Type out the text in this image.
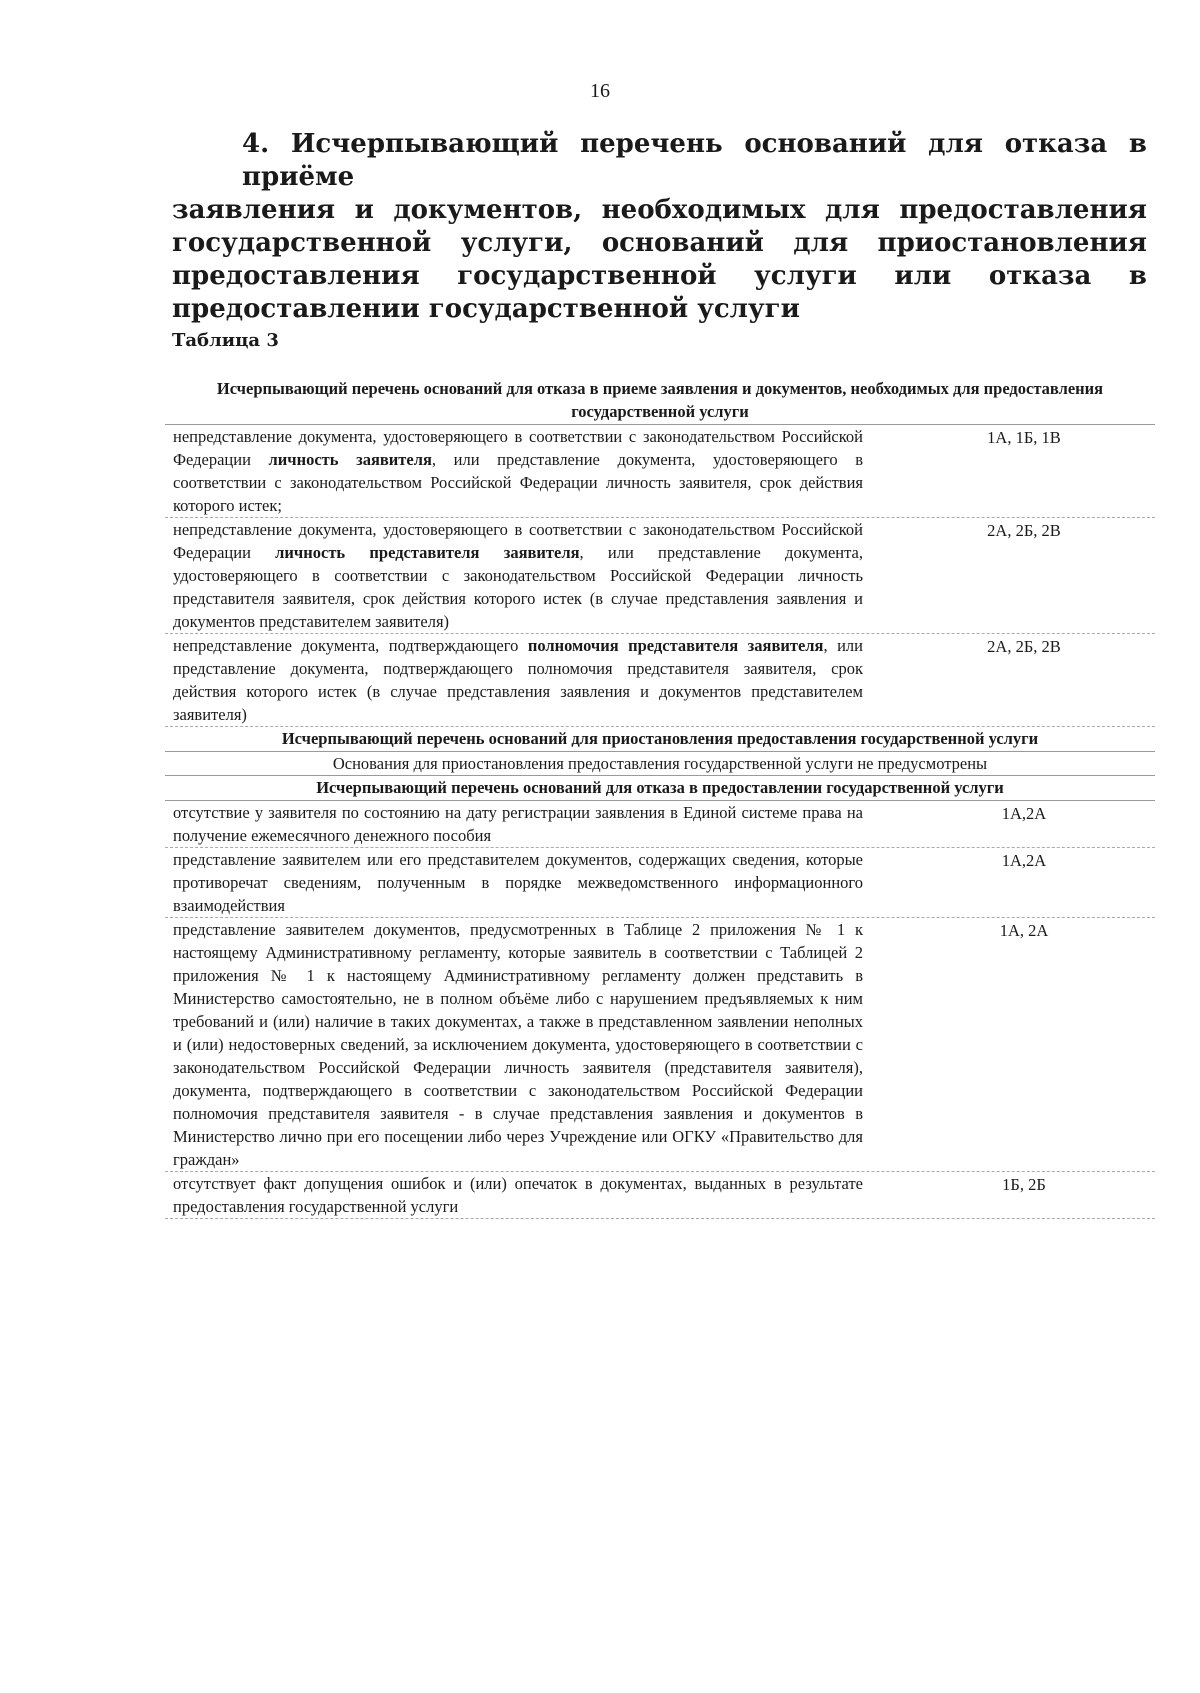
16
4. Исчерпывающий перечень оснований для отказа в приёме
заявления и документов, необходимых для предоставления государственной услуги, оснований для приостановления предоставления государственной услуги или отказа в предоставлении государственной услуги
Таблица 3
Исчерпывающий перечень оснований для отказа в приеме заявления и документов, необходимых для предоставления государственной услуги
непредставление документа, удостоверяющего в соответствии с законодательством Российской Федерации личность заявителя, или представление документа, удостоверяющего в соответствии с законодательством Российской Федерации личность заявителя, срок действия которого истек;
1А, 1Б, 1В
непредставление документа, удостоверяющего в соответствии с законодательством Российской Федерации личность представителя заявителя, или представление документа, удостоверяющего в соответствии с законодательством Российской Федерации личность представителя заявителя, срок действия которого истек (в случае представления заявления и документов представителем заявителя)
2А, 2Б, 2В
непредставление документа, подтверждающего полномочия представителя заявителя, или представление документа, подтверждающего полномочия представителя заявителя, срок действия которого истек (в случае представления заявления и документов представителем заявителя)
2А, 2Б, 2В
Исчерпывающий перечень оснований для приостановления предоставления государственной услуги
Основания для приостановления предоставления государственной услуги не предусмотрены
Исчерпывающий перечень оснований для отказа в предоставлении государственной услуги
отсутствие у заявителя по состоянию на дату регистрации заявления в Единой системе права на получение ежемесячного денежного пособия
1А,2А
представление заявителем или его представителем документов, содержащих сведения, которые противоречат сведениям, полученным в порядке межведомственного информационного взаимодействия
1А,2А
представление заявителем документов, предусмотренных в Таблице 2 приложения № 1 к настоящему Административному регламенту, которые заявитель в соответствии с Таблицей 2 приложения № 1 к настоящему Административному регламенту должен представить в Министерство самостоятельно, не в полном объёме либо с нарушением предъявляемых к ним требований и (или) наличие в таких документах, а также в представленном заявлении неполных и (или) недостоверных сведений, за исключением документа, удостоверяющего в соответствии с законодательством Российской Федерации личность заявителя (представителя заявителя), документа, подтверждающего в соответствии с законодательством Российской Федерации полномочия представителя заявителя - в случае представления заявления и документов в Министерство лично при его посещении либо через Учреждение или ОГКУ «Правительство для граждан»
1А, 2А
отсутствует факт допущения ошибок и (или) опечаток в документах, выданных в результате предоставления государственной услуги
1Б, 2Б
